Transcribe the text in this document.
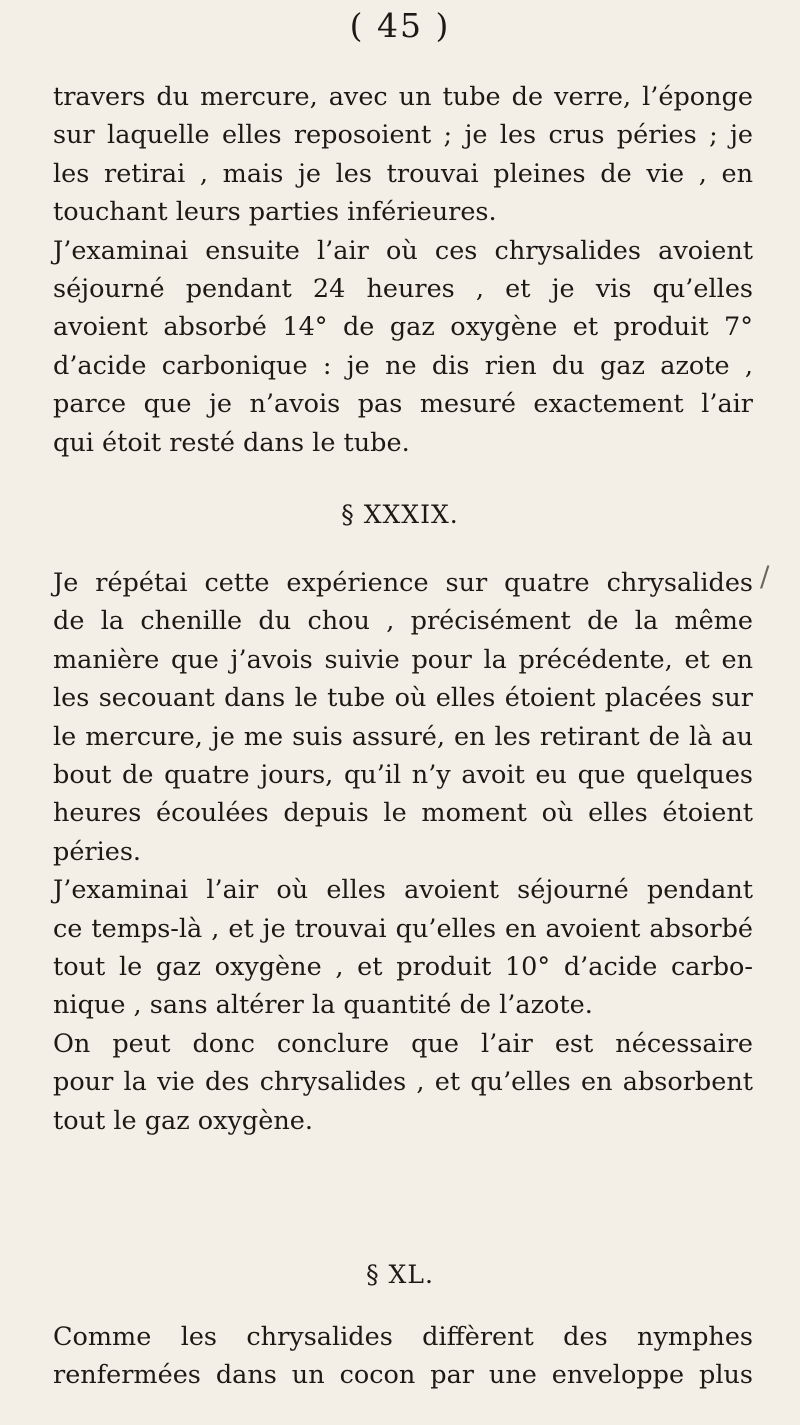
( 45 )
travers du mercure, avec un tube de verre, l’éponge
sur laquelle elles reposoient ; je les crus péries ; je
les retirai , mais je les trouvai pleines de vie , en
touchant leurs parties inférieures.
J’examinai ensuite l’air où ces chrysalides avoient
séjourné pendant 24 heures , et je vis qu’elles
avoient absorbé 14° de gaz oxygène et produit 7°
d’acide carbonique : je ne dis rien du gaz azote ,
parce que je n’avois pas mesuré exactement l’air
qui étoit resté dans le tube.
§ XXXIX.
/
Je répétai cette expérience sur quatre chrysalides
de la chenille du chou , précisément de la même
manière que j’avois suivie pour la précédente, et en
les secouant dans le tube où elles étoient placées sur
le mercure, je me suis assuré, en les retirant de là au
bout de quatre jours, qu’il n’y avoit eu que quelques
heures écoulées depuis le moment où elles étoient
péries.
J’examinai l’air où elles avoient séjourné pendant
ce temps-là , et je trouvai qu’elles en avoient absorbé
tout le gaz oxygène , et produit 10° d’acide carbo-
nique , sans altérer la quantité de l’azote.
On peut donc conclure que l’air est nécessaire
pour la vie des chrysalides , et qu’elles en absorbent
tout le gaz oxygène.
§ XL.
Comme les chrysalides diffèrent des nymphes
renfermées dans un cocon par une enveloppe plus
